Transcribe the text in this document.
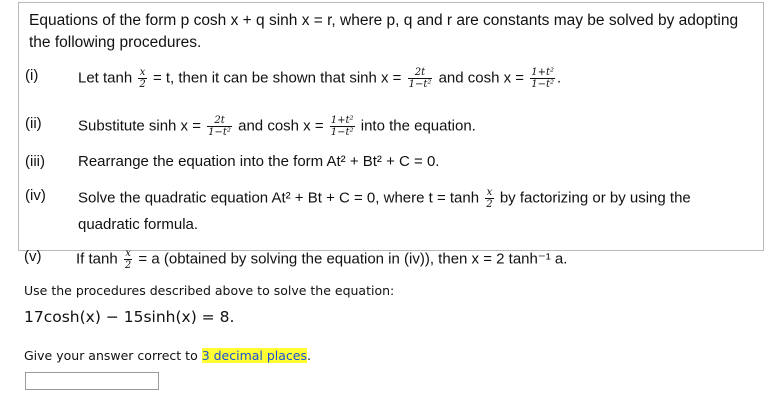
Equations of the form p cosh x + q sinh x = r, where p, q and r are constants may be solved by adopting the following procedures.
(i)	Let $\tanh \frac{x}{2} = t$, then it can be shown that $\sinh x = \frac{2t}{\text{1−t²}}$ and $\cosh x = \frac{\text{1+t²}}{\text{1−t²}}$ .
(ii) Substitute $\sinh x = \frac{2t}{\text{1−t²}}$ and $\cosh x = \frac{\text{1+t²}}{\text{1−t²}}$ into the equation.
(iii) Rearrange the equation into the form At² + Bt² + C = 0.
(iv) Solve the quadratic equation At² + Bt + C = 0, where $t = \tanh \frac{x}{2}$ by factorizing or by using the
quadratic formula.
(v) If $\tanh \frac{x}{2} = a$ (obtained by solving the equation in (iv)), then x = 2 tanh⁻¹ a.
Use the procedures described above to solve the equation:
17cosh(x) − 15sinh(x) = 8.
Give your answer correct to 3 decimal places.
